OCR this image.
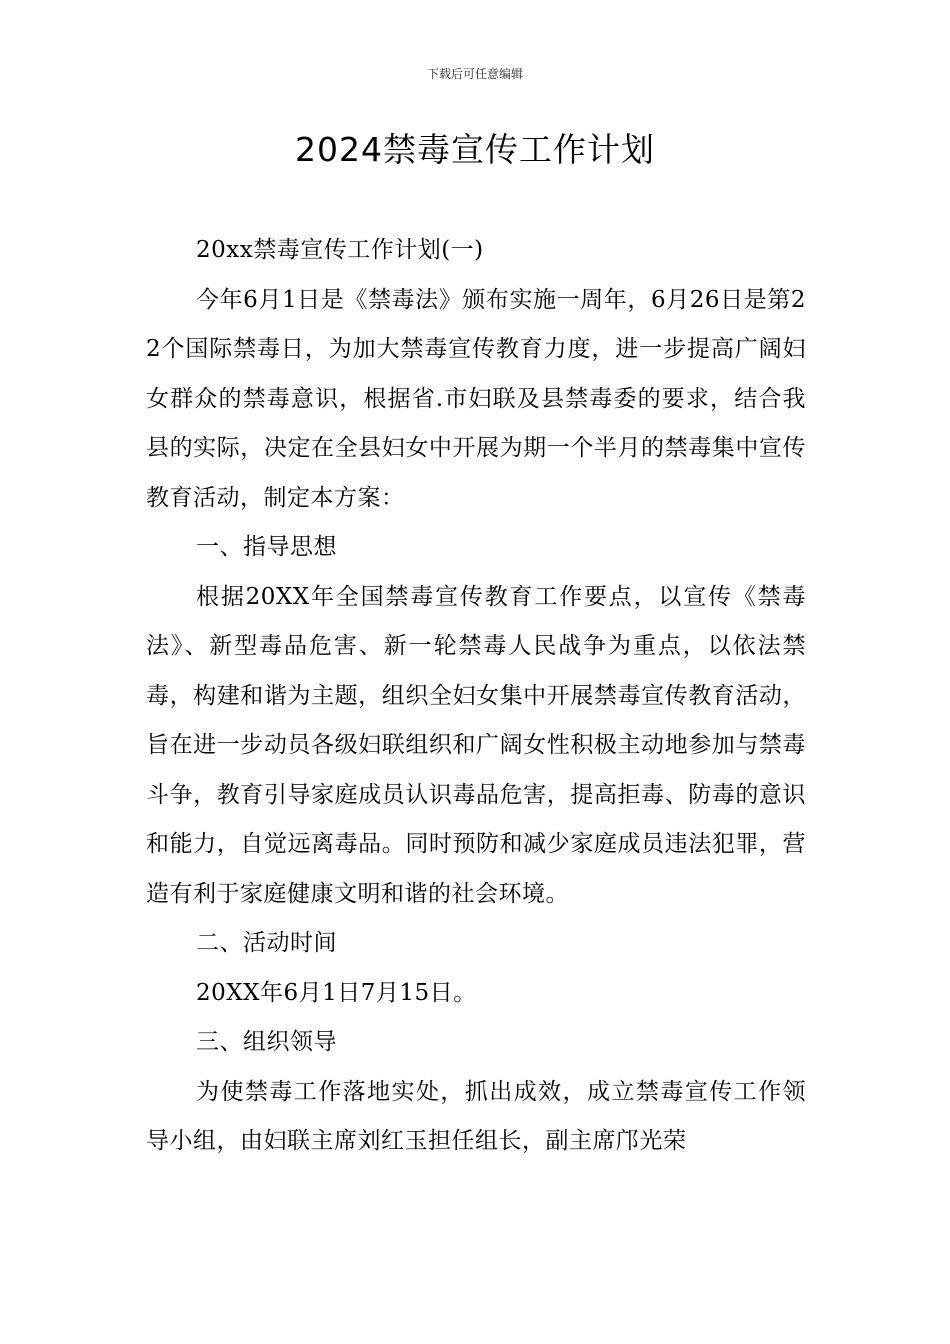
下载后可任意编辑
2024禁毒宣传工作计划

20xx禁毒宣传工作计划(一)

今年6月1日是《禁毒法》颁布实施一周年，6月26日是第22个国际禁毒日，为加大禁毒宣传教育力度，进一步提高广阔妇女群众的禁毒意识，根据省.市妇联及县禁毒委的要求，结合我县的实际，决定在全县妇女中开展为期一个半月的禁毒集中宣传教育活动，制定本方案：

一、指导思想

根据20XX年全国禁毒宣传教育工作要点，以宣传《禁毒法》、新型毒品危害、新一轮禁毒人民战争为重点，以依法禁毒，构建和谐为主题，组织全妇女集中开展禁毒宣传教育活动，旨在进一步动员各级妇联组织和广阔女性积极主动地参加与禁毒斗争，教育引导家庭成员认识毒品危害，提高拒毒、防毒的意识和能力，自觉远离毒品。同时预防和减少家庭成员违法犯罪，营造有利于家庭健康文明和谐的社会环境。

二、活动时间

20XX年6月1日7月15日。

三、组织领导

为使禁毒工作落地实处，抓出成效，成立禁毒宣传工作领导小组，由妇联主席刘红玉担任组长，副主席邝光荣
